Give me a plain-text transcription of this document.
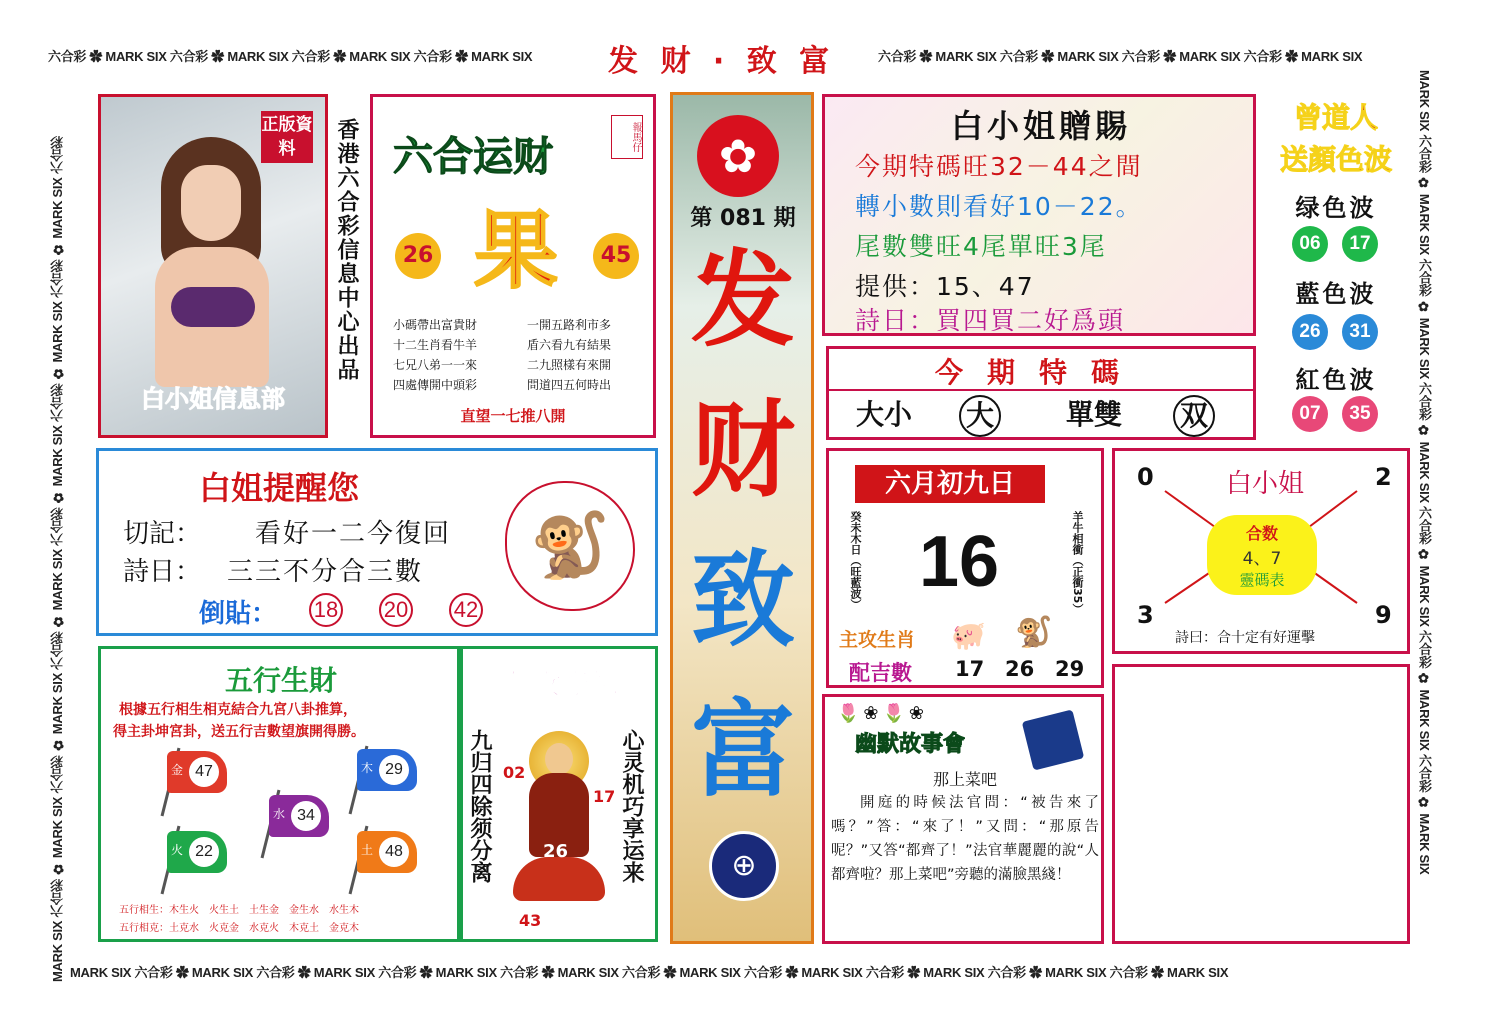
六合彩 ✿ MARK SIX 六合彩 ✿ MARK SIX 六合彩 ✿ MARK SIX 六合彩 ✿ MARK SIX	发 财 · 致 富	六合彩 ✿ MARK SIX 六合彩 ✿ MARK SIX 六合彩 ✿ MARK SIX 六合彩 ✿ MARK SIX
MARK SIX 六合彩 ✿ MARK SIX 六合彩 ✿ MARK SIX 六合彩 ✿ MARK SIX 六合彩 ✿ MARK SIX 六合彩 ✿ MARK SIX 六合彩 ✿ MARK SIX 六合彩 ✿ MARK SIX 六合彩 ✿ MARK SIX 六合彩 ✿ MARK SIX
MARK SIX 六合彩 ✿ MARK SIX 六合彩 ✿ MARK SIX 六合彩 ✿ MARK SIX 六合彩 ✿ MARK SIX 六合彩 ✿ MARK SIX 六合彩 ✿ MARK SIX 六合彩	MARK SIX 六合彩 ✿ MARK SIX 六合彩 ✿ MARK SIX 六合彩 ✿ MARK SIX 六合彩 ✿ MARK SIX 六合彩 ✿ MARK SIX 六合彩 ✿ MARK SIX
正版資料
白小姐信息部
香港六合彩信息中心出品 六合运财	報馬仔
26 果	45
小碼帶出富貴財
十二生肖看牛羊
七兄八弟一一來
四處傳開中頭彩
一開五路利市多
盾六看九有結果
二九照樣有來開
問道四五何時出
直望一七推八開
✿
第 081 期
发
财
致
富
⊕
白小姐贈賜
今期特碼旺32－44之間
轉小數則看好10－22。
尾數雙旺4尾單旺3尾
提供：15、47
詩日：買四買二好爲頭
曾道人
送顏色波
绿色波
06	17
藍色波
26	31
紅色波
07	35
今期特碼
大小	大	單雙	双
白姐提醒您
切記：	看好一二今復回
詩日： 三三不分合三數
倒貼：	18 20 42
🐒
六月初九日
癸未木日（旺藍波） 16	羊牛相衝（正衝35）
主攻生肖	🐖 🐒
配吉數	17 26 29
白小姐
0	2
3	9
合数
4、7
靈碼表
詩曰：合十定有好運擊
五行生財
根據五行相生相克結合九宮八卦推算，
得主卦坤宮卦，送五行吉數望旗開得勝。
47
金	29
木
34
水
22
火	48
土
五行相生：木生火　火生土　土生金　金生水　水生木
五行相克：土克水　火克金　水克火　木克土　金克木
仙女奇緣
九归四除须分离	心灵机巧享运来
02
17
26
43
🌷❀🌷❀
幽默故事會
那上菜吧
開庭的時候法官問：“被告來了嗎？”答：“來了！”又問：“那原告呢？”又答“都齊了！”法官華麗麗的說“人都齊啦？那上菜吧”旁聽的滿臉黑綫！
